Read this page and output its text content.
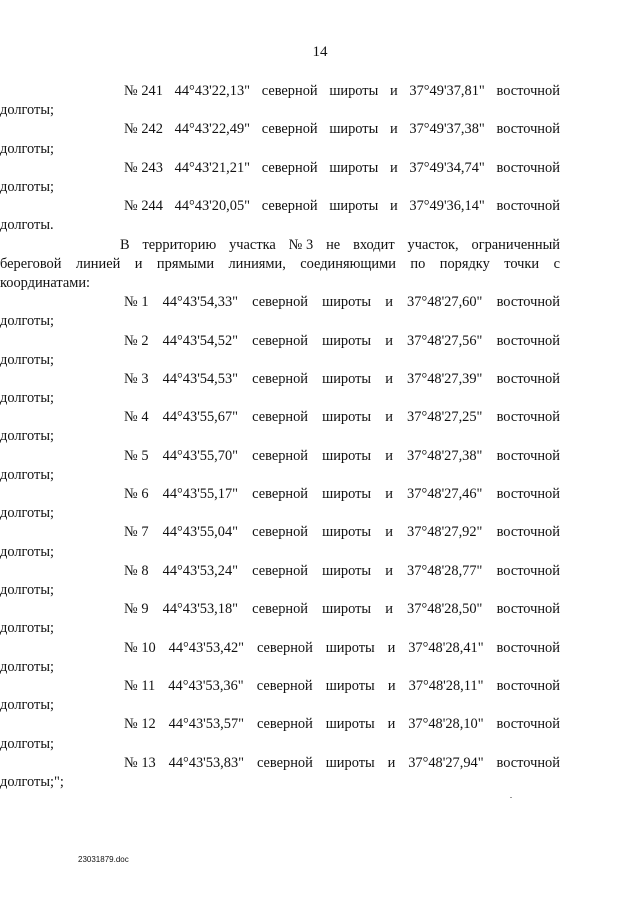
14
№ 241 44°43'22,13" северной широты и 37°49'37,81" восточной
долготы;
№ 242 44°43'22,49" северной широты и 37°49'37,38" восточной
долготы;
№ 243 44°43'21,21" северной широты и 37°49'34,74" восточной
долготы;
№ 244 44°43'20,05" северной широты и 37°49'36,14" восточной
долготы.
В территорию участка № 3 не входит участок, ограниченный
береговой линией и прямыми линиями, соединяющими по порядку точки с
координатами:
№ 1 44°43'54,33" северной широты и 37°48'27,60" восточной
долготы;
№ 2 44°43'54,52" северной широты и 37°48'27,56" восточной
долготы;
№ 3 44°43'54,53" северной широты и 37°48'27,39" восточной
долготы;
№ 4 44°43'55,67" северной широты и 37°48'27,25" восточной
долготы;
№ 5 44°43'55,70" северной широты и 37°48'27,38" восточной
долготы;
№ 6 44°43'55,17" северной широты и 37°48'27,46" восточной
долготы;
№ 7 44°43'55,04" северной широты и 37°48'27,92" восточной
долготы;
№ 8 44°43'53,24" северной широты и 37°48'28,77" восточной
долготы;
№ 9 44°43'53,18" северной широты и 37°48'28,50" восточной
долготы;
№ 10 44°43'53,42" северной широты и 37°48'28,41" восточной
долготы;
№ 11 44°43'53,36" северной широты и 37°48'28,11" восточной
долготы;
№ 12 44°43'53,57" северной широты и 37°48'28,10" восточной
долготы;
№ 13 44°43'53,83" северной широты и 37°48'27,94" восточной
долготы;";
23031879.doc
